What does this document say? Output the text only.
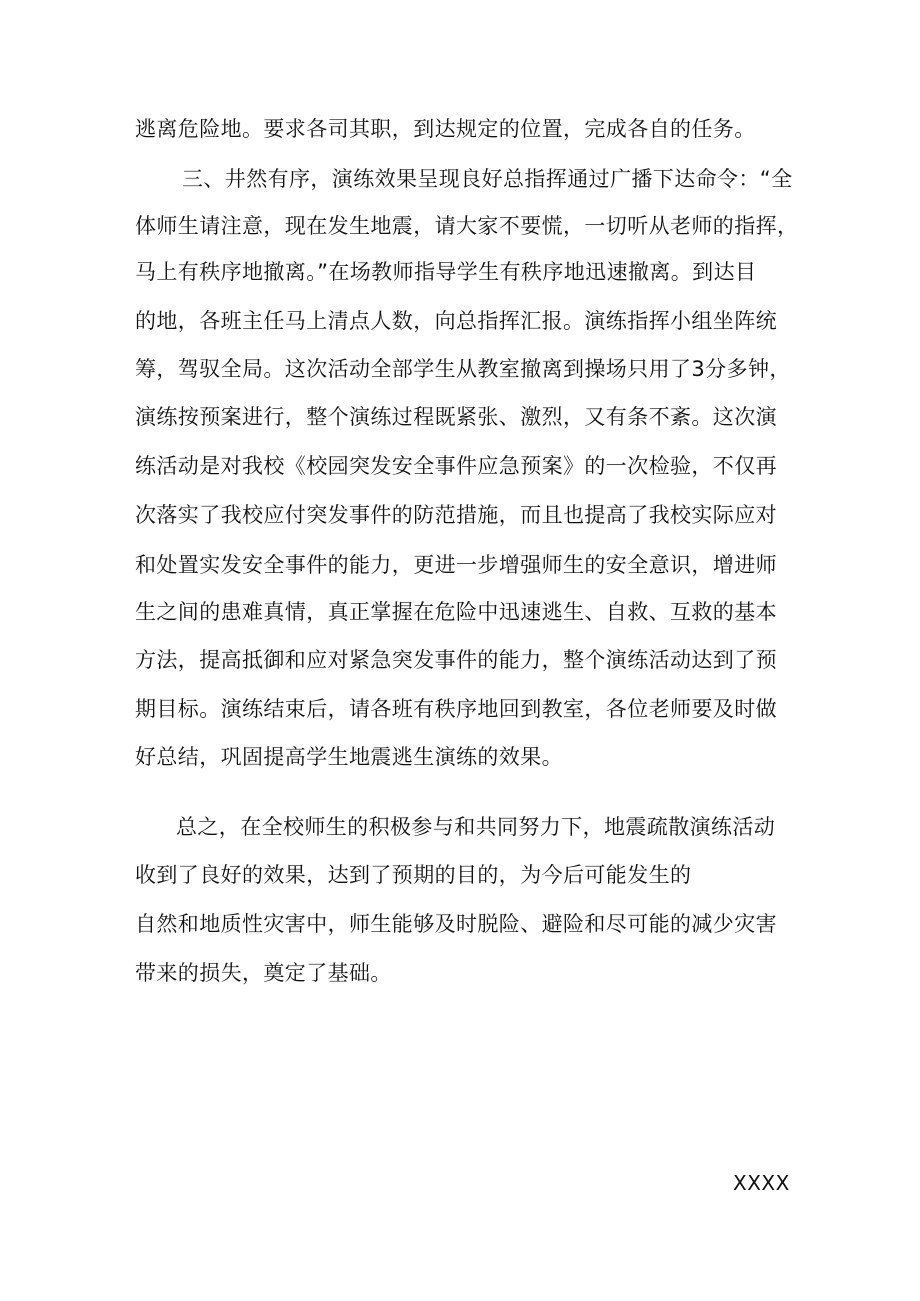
逃离危险地。要求各司其职，到达规定的位置，完成各自的任务。
三、井然有序，演练效果呈现良好总指挥通过广播下达命令：“全
体师生请注意，现在发生地震，请大家不要慌，一切听从老师的指挥，
马上有秩序地撤离。”在场教师指导学生有秩序地迅速撤离。到达目
的地，各班主任马上清点人数，向总指挥汇报。演练指挥小组坐阵统
筹，驾驭全局。这次活动全部学生从教室撤离到操场只用了3分多钟，
演练按预案进行，整个演练过程既紧张、激烈，又有条不紊。这次演
练活动是对我校《校园突发安全事件应急预案》的一次检验，不仅再
次落实了我校应付突发事件的防范措施，而且也提高了我校实际应对
和处置实发安全事件的能力，更进一步增强师生的安全意识，增进师
生之间的患难真情，真正掌握在危险中迅速逃生、自救、互救的基本
方法，提高抵御和应对紧急突发事件的能力，整个演练活动达到了预
期目标。演练结束后，请各班有秩序地回到教室，各位老师要及时做
好总结，巩固提高学生地震逃生演练的效果。
总之，在全校师生的积极参与和共同努力下，地震疏散演练活动
收到了良好的效果，达到了预期的目的，为今后可能发生的
自然和地质性灾害中，师生能够及时脱险、避险和尽可能的减少灾害
带来的损失，奠定了基础。
XXXX
